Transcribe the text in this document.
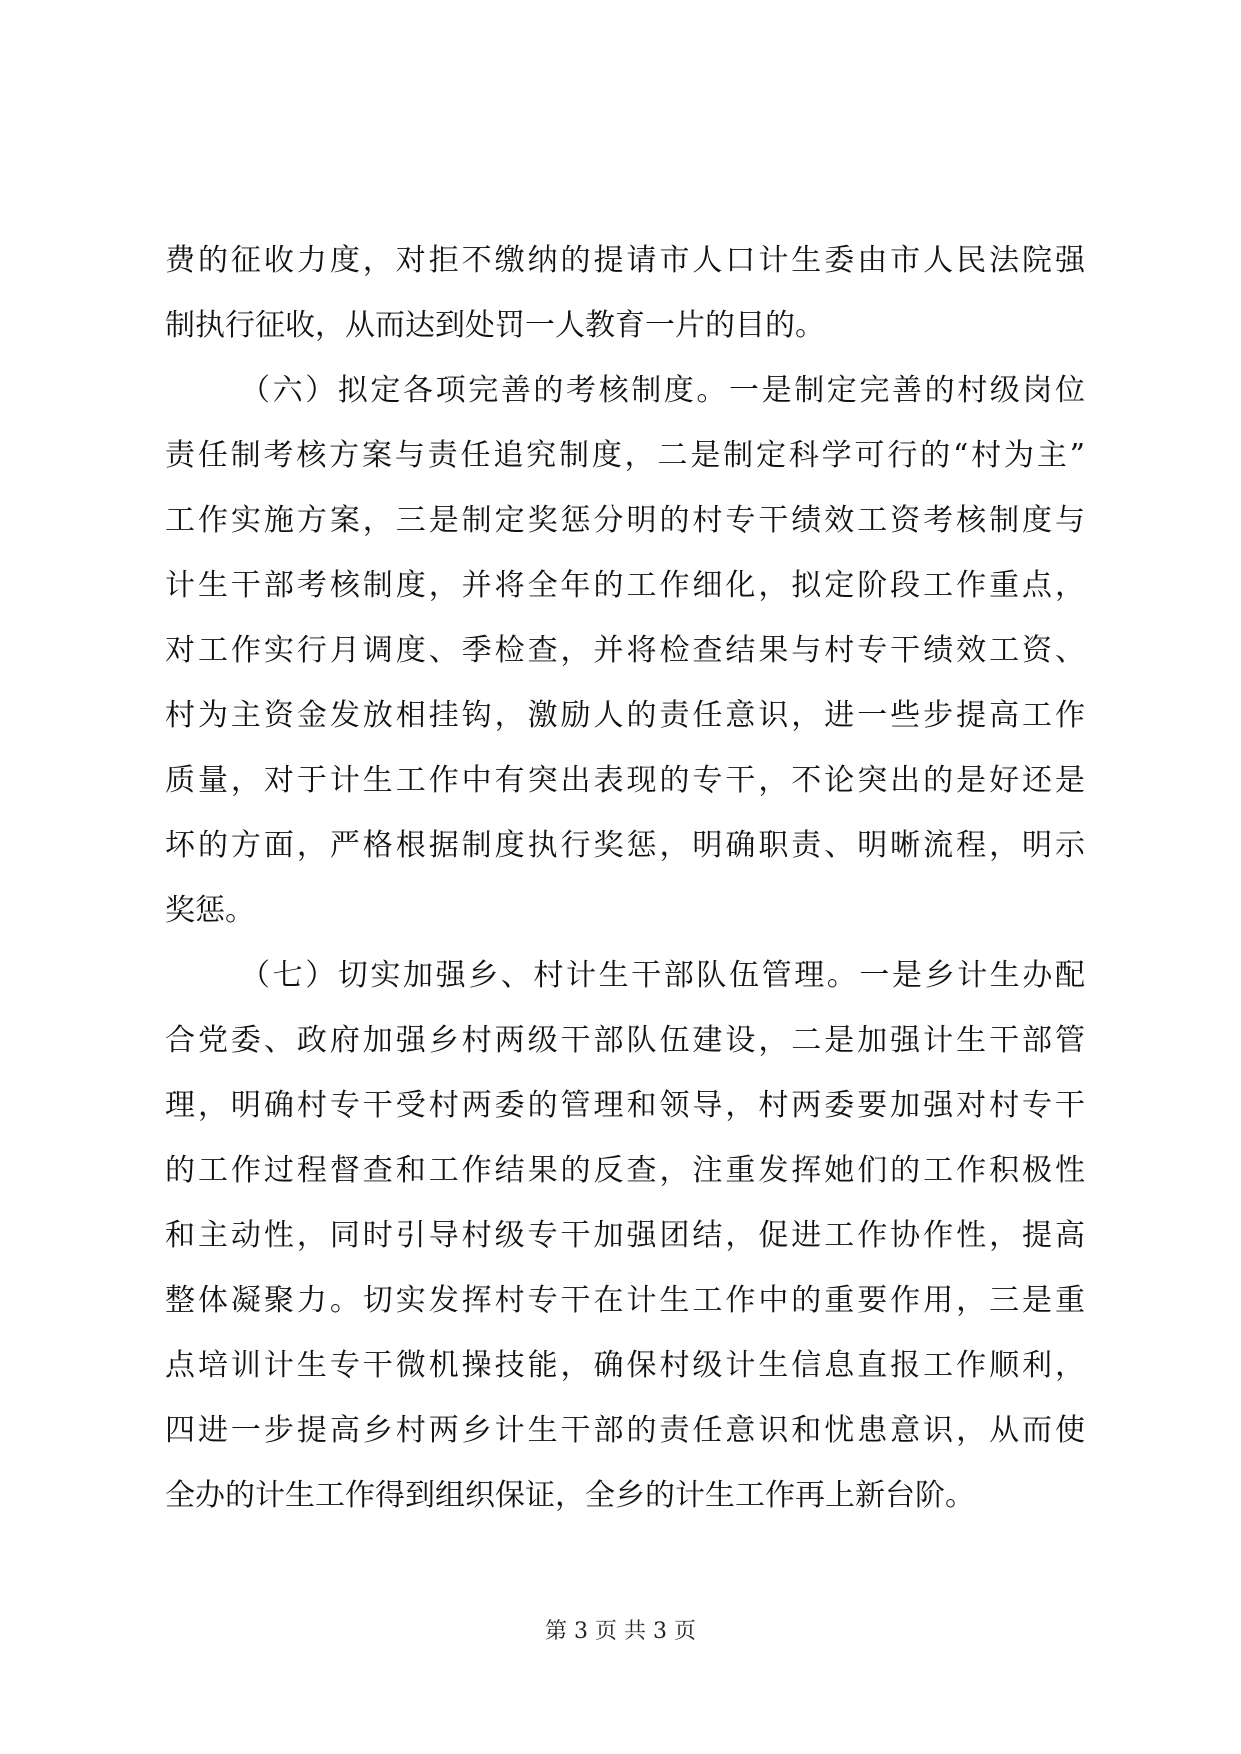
费的征收力度，对拒不缴纳的提请市人口计生委由市人民法院强
制执行征收，从而达到处罚一人教育一片的目的。
（六）拟定各项完善的考核制度。一是制定完善的村级岗位
责任制考核方案与责任追究制度，二是制定科学可行的“村为主”
工作实施方案，三是制定奖惩分明的村专干绩效工资考核制度与
计生干部考核制度，并将全年的工作细化，拟定阶段工作重点，
对工作实行月调度、季检查，并将检查结果与村专干绩效工资、
村为主资金发放相挂钩，激励人的责任意识，进一些步提高工作
质量，对于计生工作中有突出表现的专干，不论突出的是好还是
坏的方面，严格根据制度执行奖惩，明确职责、明晰流程，明示
奖惩。
（七）切实加强乡、村计生干部队伍管理。一是乡计生办配
合党委、政府加强乡村两级干部队伍建设，二是加强计生干部管
理，明确村专干受村两委的管理和领导，村两委要加强对村专干
的工作过程督查和工作结果的反查，注重发挥她们的工作积极性
和主动性，同时引导村级专干加强团结，促进工作协作性，提高
整体凝聚力。切实发挥村专干在计生工作中的重要作用，三是重
点培训计生专干微机操技能，确保村级计生信息直报工作顺利，
四进一步提高乡村两乡计生干部的责任意识和忧患意识，从而使
全办的计生工作得到组织保证，全乡的计生工作再上新台阶。
第 3 页 共 3 页
